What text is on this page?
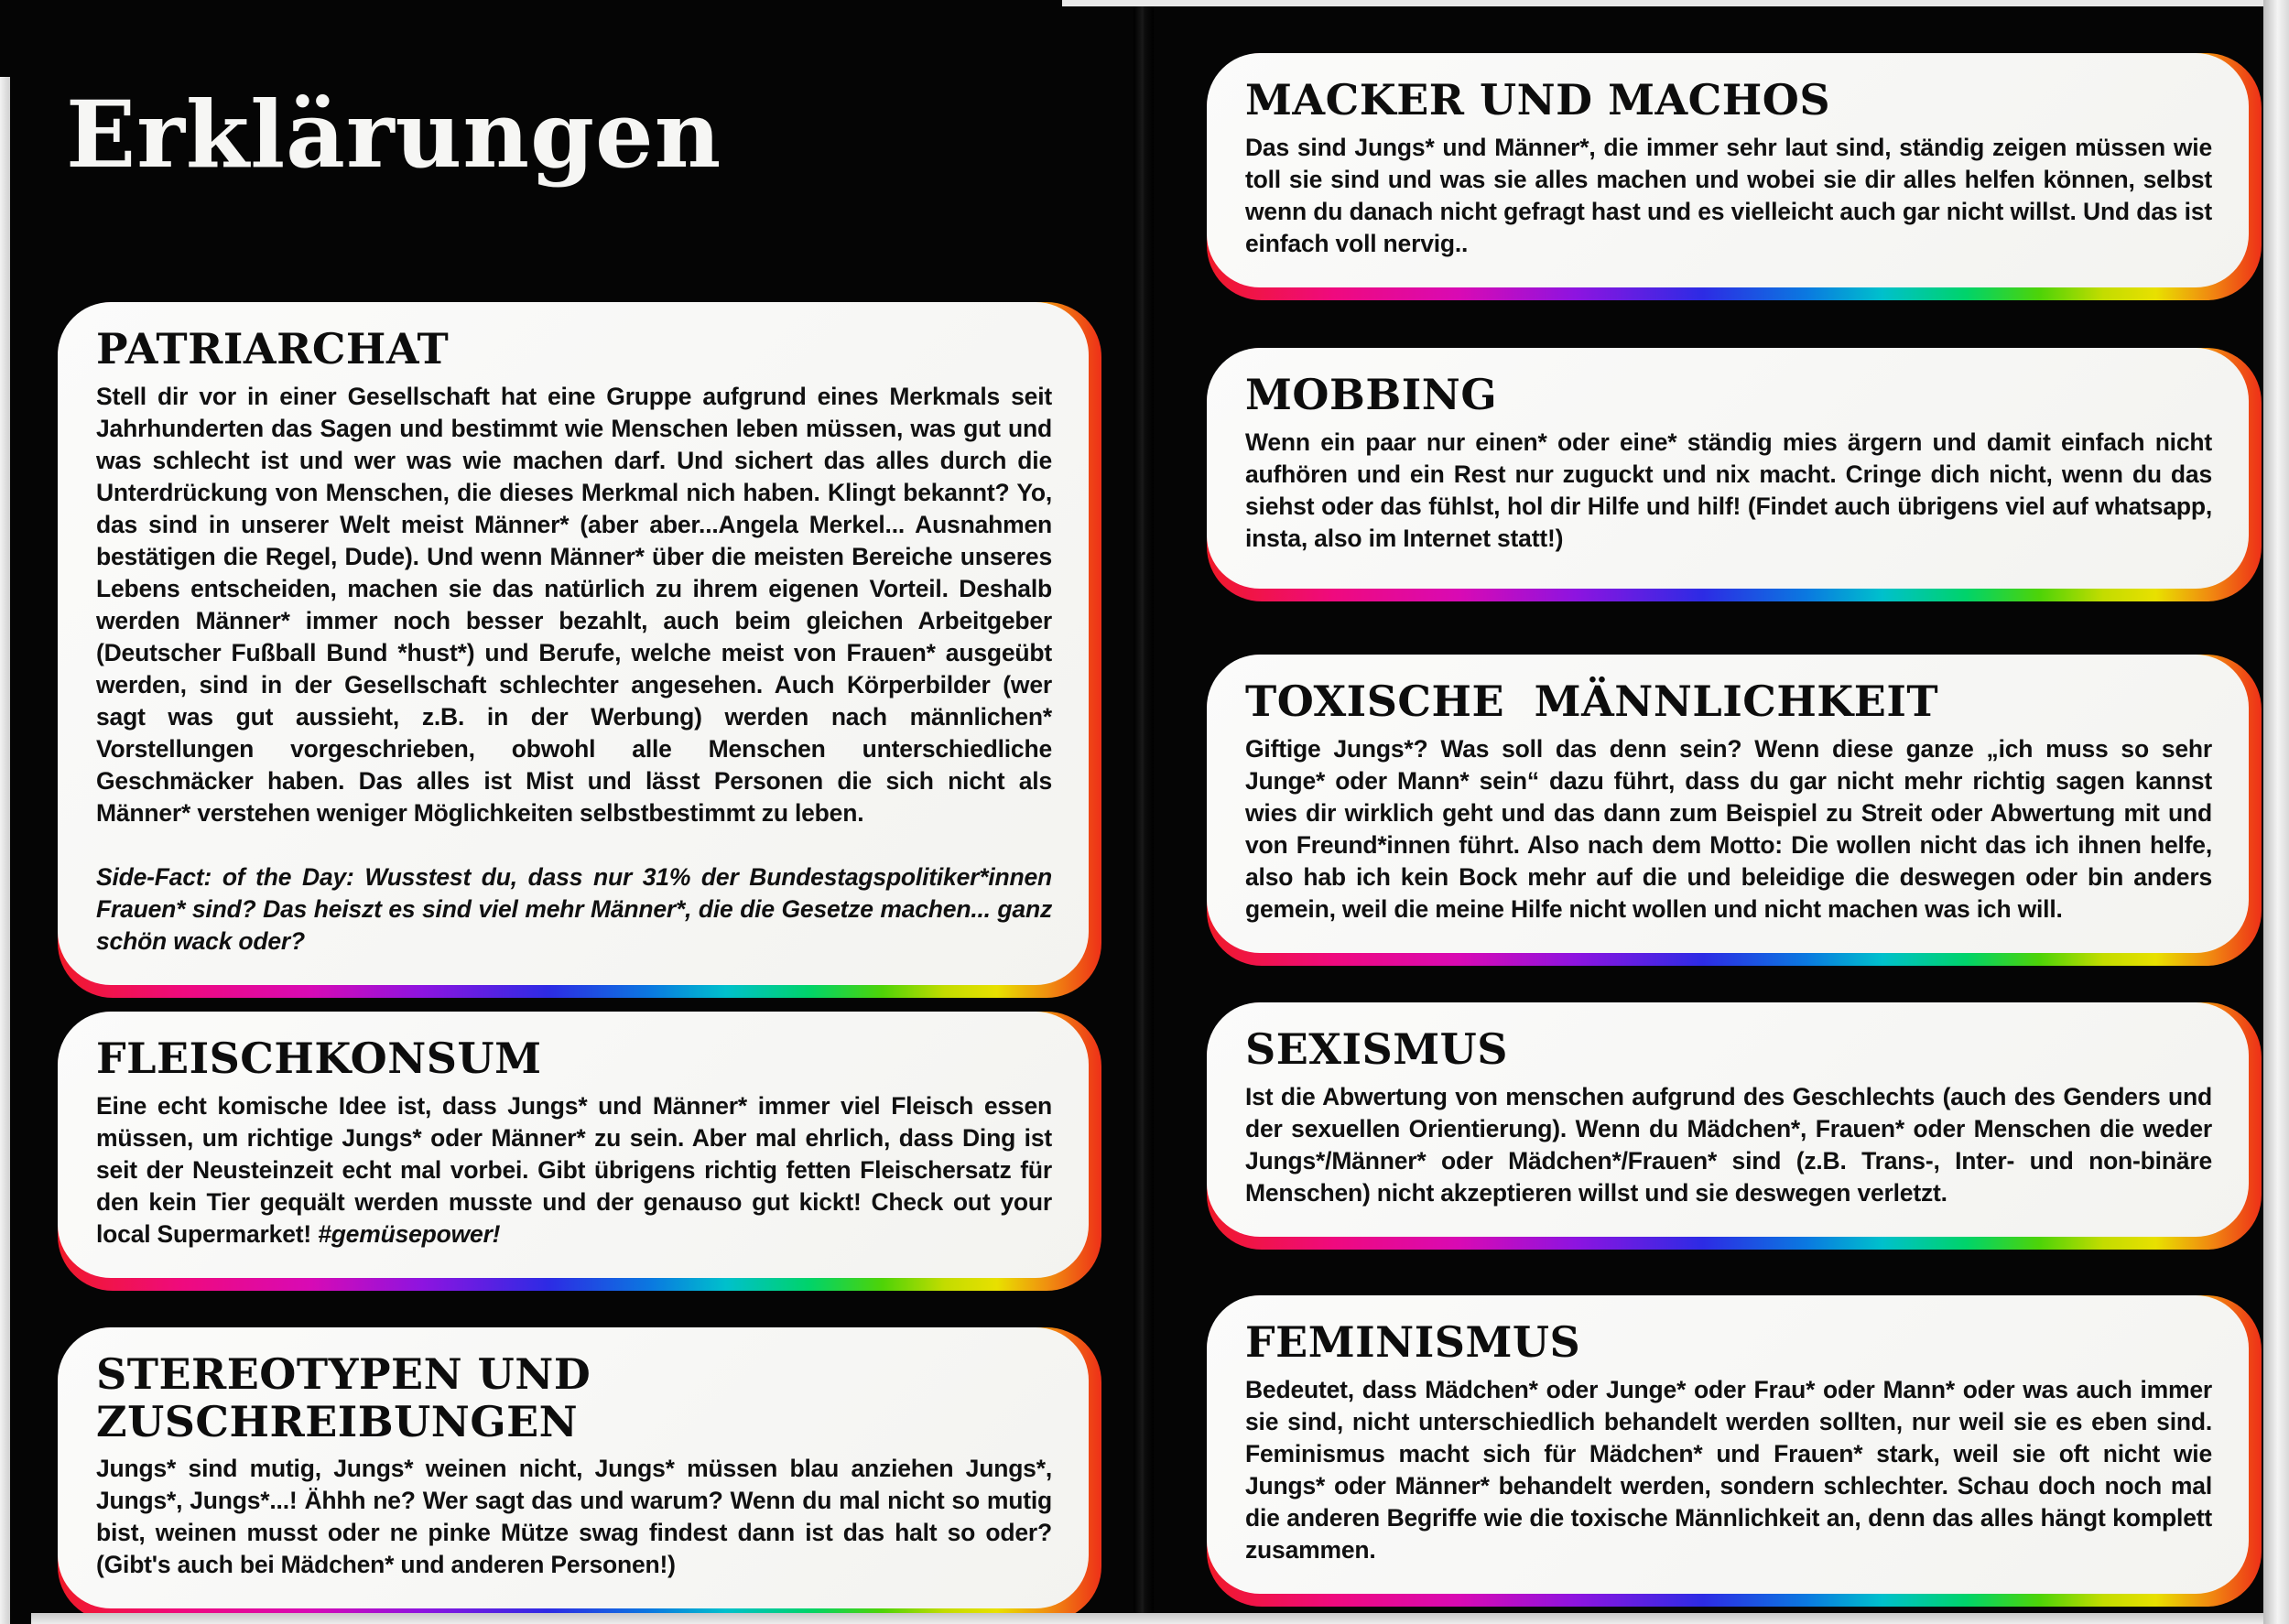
Erklärungen
PATRIARCHAT

Stell dir vor in einer Gesellschaft hat eine Gruppe aufgrund eines Merkmals seit Jahrhunderten das Sagen und bestimmt wie Menschen leben müssen, was gut und was schlecht ist und wer was wie machen darf. Und sichert das alles durch die Unterdrückung von Menschen, die dieses Merkmal nich haben. Klingt bekannt? Yo, das sind in unserer Welt meist Männer* (aber aber...Angela Merkel... Ausnahmen bestätigen die Regel, Dude). Und wenn Männer* über die meisten Bereiche unseres Lebens entscheiden, machen sie das natürlich zu ihrem eigenen Vorteil. Deshalb werden Männer* immer noch besser bezahlt, auch beim gleichen Arbeitgeber (Deutscher Fußball Bund *hust*) und Berufe, welche meist von Frauen* ausgeübt werden, sind in der Gesellschaft schlechter angesehen. Auch Körperbilder (wer sagt was gut aussieht, z.B. in der Werbung) werden nach männlichen* Vorstellungen vorgeschrieben, obwohl alle Menschen unterschiedliche Geschmäcker haben. Das alles ist Mist und lässt Personen die sich nicht als Männer* verstehen weniger Möglichkeiten selbstbestimmt zu leben.

Side-Fact: of the Day: Wusstest du, dass nur 31% der Bundestagspolitiker*innen Frauen* sind? Das heiszt es sind viel mehr Männer*, die die Gesetze machen... ganz schön wack oder?

FLEISCHKONSUM

Eine echt komische Idee ist, dass Jungs* und Männer* immer viel Fleisch essen müssen, um richtige Jungs* oder Männer* zu sein. Aber mal ehrlich, dass Ding ist seit der Neusteinzeit echt mal vorbei. Gibt übrigens richtig fetten Fleischersatz für den kein Tier gequält werden musste und der genauso gut kickt! Check out your local Supermarket! #gemüsepower!

STEREOTYPEN UND ZUSCHREIBUNGEN

Jungs* sind mutig, Jungs* weinen nicht, Jungs* müssen blau anziehen Jungs*, Jungs*, Jungs*...! Ähhh ne? Wer sagt das und warum? Wenn du mal nicht so mutig bist, weinen musst oder ne pinke Mütze swag findest dann ist das halt so oder? (Gibt's auch bei Mädchen* und anderen Personen!)

MACKER UND MACHOS

Das sind Jungs* und Männer*, die immer sehr laut sind, ständig zeigen müssen wie toll sie sind und was sie alles machen und wobei sie dir alles helfen können, selbst wenn du danach nicht gefragt hast und es vielleicht auch gar nicht willst. Und das ist einfach voll nervig..

MOBBING

Wenn ein paar nur einen* oder eine* ständig mies ärgern und damit einfach nicht aufhören und ein Rest nur zuguckt und nix macht. Cringe dich nicht, wenn du das siehst oder das fühlst, hol dir Hilfe und hilf! (Findet auch übrigens viel auf whatsapp, insta, also im Internet statt!)

TOXISCHE MÄNNLICHKEIT

Giftige Jungs*? Was soll das denn sein? Wenn diese ganze „ich muss so sehr Junge* oder Mann* sein“ dazu führt, dass du gar nicht mehr richtig sagen kannst wies dir wirklich geht und das dann zum Beispiel zu Streit oder Abwertung mit und von Freund*innen führt. Also nach dem Motto: Die wollen nicht das ich ihnen helfe, also hab ich kein Bock mehr auf die und beleidige die deswegen oder bin anders gemein, weil die meine Hilfe nicht wollen und nicht machen was ich will.

SEXISMUS

Ist die Abwertung von menschen aufgrund des Geschlechts (auch des Genders und der sexuellen Orientierung). Wenn du Mädchen*, Frauen* oder Menschen die weder Jungs*/Männer* oder Mädchen*/Frauen* sind (z.B. Trans-, Inter- und non-binäre Menschen) nicht akzeptieren willst und sie deswegen verletzt.

FEMINISMUS

Bedeutet, dass Mädchen* oder Junge* oder Frau* oder Mann* oder was auch immer sie sind, nicht unterschiedlich behandelt werden sollten, nur weil sie es eben sind. Feminismus macht sich für Mädchen* und Frauen* stark, weil sie oft nicht wie Jungs* oder Männer* behandelt werden, sondern schlechter. Schau doch noch mal die anderen Begriffe wie die toxische Männlichkeit an, denn das alles hängt komplett zusammen.
